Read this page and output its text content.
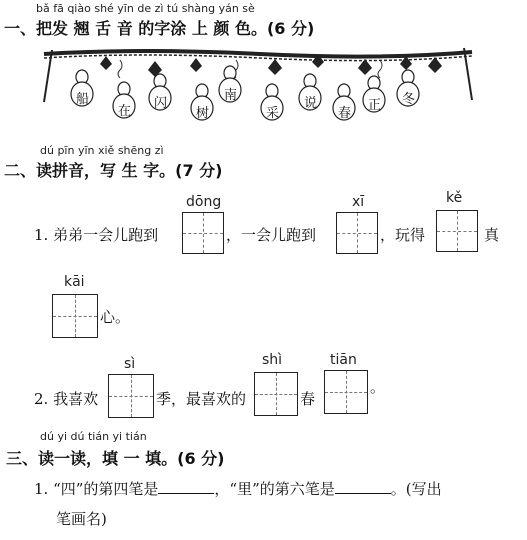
bǎ fā qiào shé yīn de zì tú shàng yán sè
一、把发 翘 舌 音 的字涂 上 颜 色。(6 分)
船
在
闪
树
南
采
说
春
正 冬
dú pīn yīn xiě shēng zì
二、读拼音，写 生 字。(7 分)
dōng	xī	kě
1. 弟弟一会儿跑到	，一会儿跑到	，玩得	真
kāi
心。
sì	shì	tiān
2. 我喜欢	季，最喜欢的	春
。
dú yi dú tián yi tián
三、读一读，填 一 填。(6 分)
1. “四”的第四笔是	，“里”的第六笔是	。(写出
笔画名)
